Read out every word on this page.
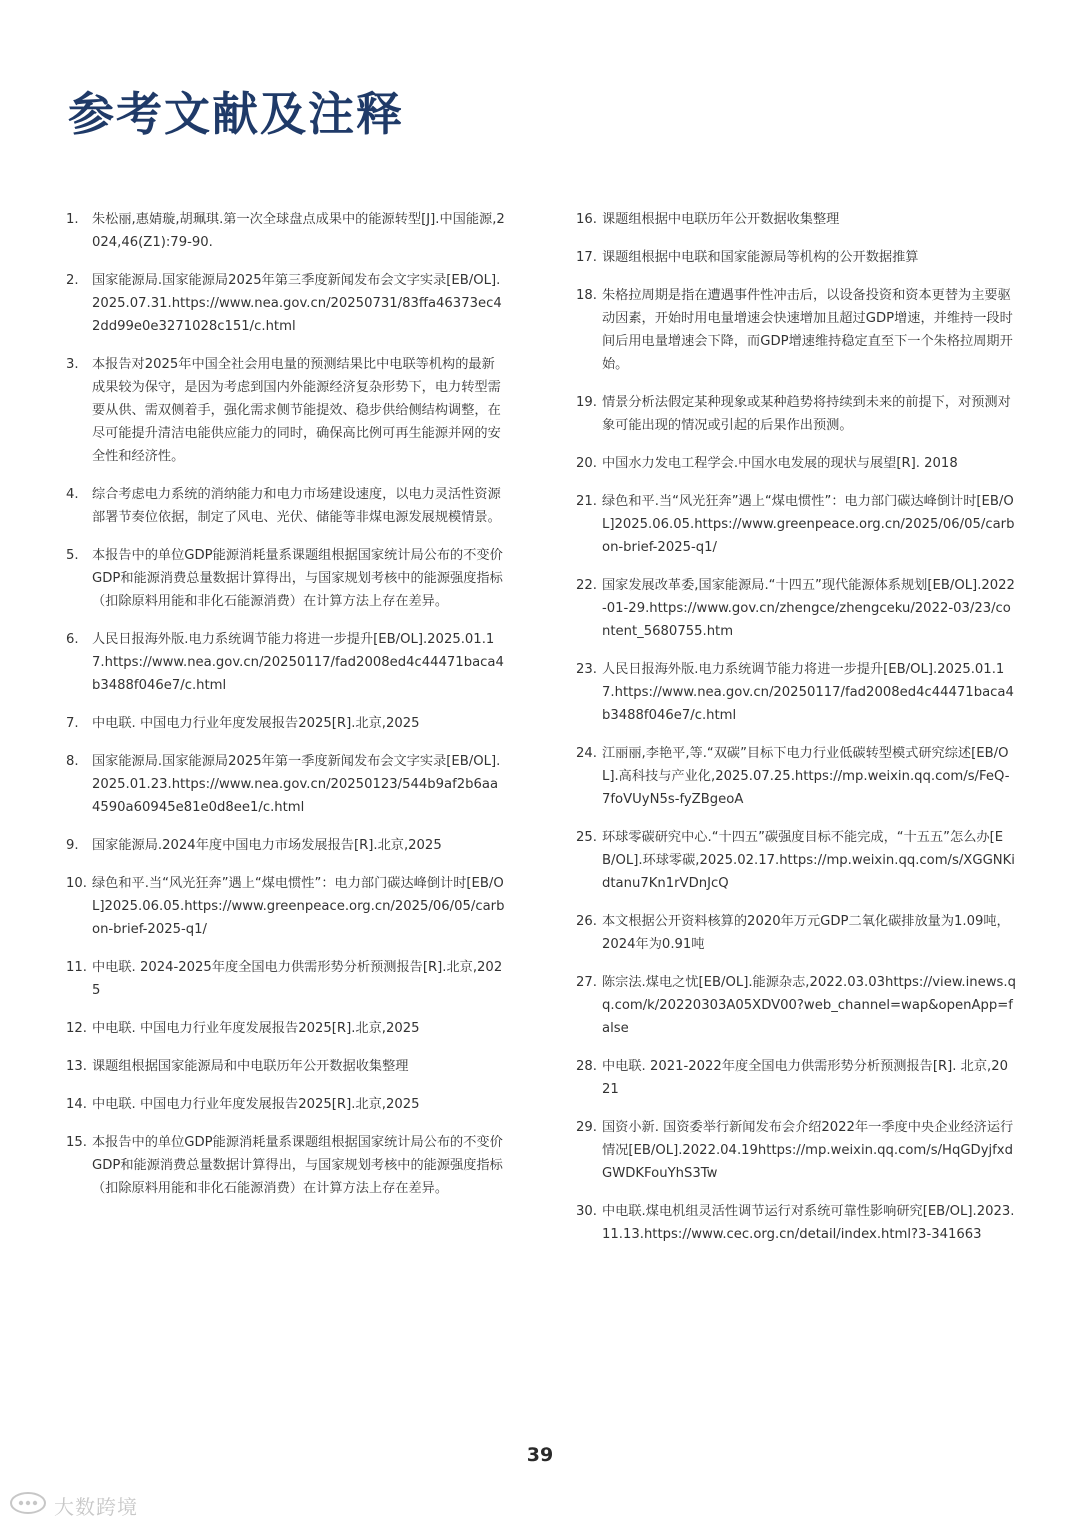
参考文献及注释
1.	朱松丽,惠婧璇,胡珮琪.第一次全球盘点成果中的能源转型[J].中国能源,2024,46(Z1):79-90.
2.	国家能源局.国家能源局2025年第三季度新闻发布会文字实录[EB/OL].2025.07.31.https://www.nea.gov.cn/20250731/83ffa46373ec42dd99e0e3271028c151/c.html
3.	本报告对2025年中国全社会用电量的预测结果比中电联等机构的最新成果较为保守，是因为考虑到国内外能源经济复杂形势下，电力转型需要从供、需双侧着手，强化需求侧节能提效、稳步供给侧结构调整，在尽可能提升清洁电能供应能力的同时，确保高比例可再生能源并网的安全性和经济性。
4.	综合考虑电力系统的消纳能力和电力市场建设速度，以电力灵活性资源部署节奏位依据，制定了风电、光伏、储能等非煤电源发展规模情景。
5.	本报告中的单位GDP能源消耗量系课题组根据国家统计局公布的不变价GDP和能源消费总量数据计算得出，与国家规划考核中的能源强度指标（扣除原料用能和非化石能源消费）在计算方法上存在差异。
6.	人民日报海外版.电力系统调节能力将进一步提升[EB/OL].2025.01.17.https://www.nea.gov.cn/20250117/fad2008ed4c44471baca4b3488f046e7/c.html
7.	中电联. 中国电力行业年度发展报告2025[R].北京,2025
8.	国家能源局.国家能源局2025年第一季度新闻发布会文字实录[EB/OL].2025.01.23.https://www.nea.gov.cn/20250123/544b9af2b6aa4590a60945e81e0d8ee1/c.html
9.	国家能源局.2024年度中国电力市场发展报告[R].北京,2025
10. 绿色和平.当“风光狂奔”遇上“煤电惯性”：电力部门碳达峰倒计时[EB/OL]2025.06.05.https://www.greenpeace.org.cn/2025/06/05/carbon-brief-2025-q1/
11. 中电联. 2024-2025年度全国电力供需形势分析预测报告[R].北京,2025
12. 中电联. 中国电力行业年度发展报告2025[R].北京,2025
13. 课题组根据国家能源局和中电联历年公开数据收集整理
14. 中电联. 中国电力行业年度发展报告2025[R].北京,2025
15. 本报告中的单位GDP能源消耗量系课题组根据国家统计局公布的不变价GDP和能源消费总量数据计算得出，与国家规划考核中的能源强度指标（扣除原料用能和非化石能源消费）在计算方法上存在差异。
16. 课题组根据中电联历年公开数据收集整理
17. 课题组根据中电联和国家能源局等机构的公开数据推算
18. 朱格拉周期是指在遭遇事件性冲击后，以设备投资和资本更替为主要驱动因素，开始时用电量增速会快速增加且超过GDP增速，并维持一段时间后用电量增速会下降，而GDP增速维持稳定直至下一个朱格拉周期开始。
19. 情景分析法假定某种现象或某种趋势将持续到未来的前提下，对预测对象可能出现的情况或引起的后果作出预测。
20. 中国水力发电工程学会.中国水电发展的现状与展望[R]. 2018
21. 绿色和平.当“风光狂奔”遇上“煤电惯性”：电力部门碳达峰倒计时[EB/OL]2025.06.05.https://www.greenpeace.org.cn/2025/06/05/carbon-brief-2025-q1/
22. 国家发展改革委,国家能源局.“十四五”现代能源体系规划[EB/OL].2022-01-29.https://www.gov.cn/zhengce/zhengceku/2022-03/23/content_5680755.htm
23. 人民日报海外版.电力系统调节能力将进一步提升[EB/OL].2025.01.17.https://www.nea.gov.cn/20250117/fad2008ed4c44471baca4b3488f046e7/c.html
24. 江丽丽,李艳平,等.“双碳”目标下电力行业低碳转型模式研究综述[EB/OL].高科技与产业化,2025.07.25.https://mp.weixin.qq.com/s/FeQ-7foVUyN5s-fyZBgeoA
25. 环球零碳研究中心.“十四五”碳强度目标不能完成，“十五五”怎么办[EB/OL].环球零碳,2025.02.17.https://mp.weixin.qq.com/s/XGGNKidtanu7Kn1rVDnJcQ
26. 本文根据公开资料核算的2020年万元GDP二氧化碳排放量为1.09吨，2024年为0.91吨
27. 陈宗法.煤电之忧[EB/OL].能源杂志,2022.03.03https://view.inews.qq.com/k/20220303A05XDV00?web_channel=wap&openApp=false
28. 中电联. 2021-2022年度全国电力供需形势分析预测报告[R]. 北京,2021
29. 国资小新. 国资委举行新闻发布会介绍2022年一季度中央企业经济运行情况[EB/OL].2022.04.19https://mp.weixin.qq.com/s/HqGDyjfxdGWDKFouYhS3Tw
30. 中电联.煤电机组灵活性调节运行对系统可靠性影响研究[EB/OL].2023.11.13.https://www.cec.org.cn/detail/index.html?3-341663
39
大数跨境
